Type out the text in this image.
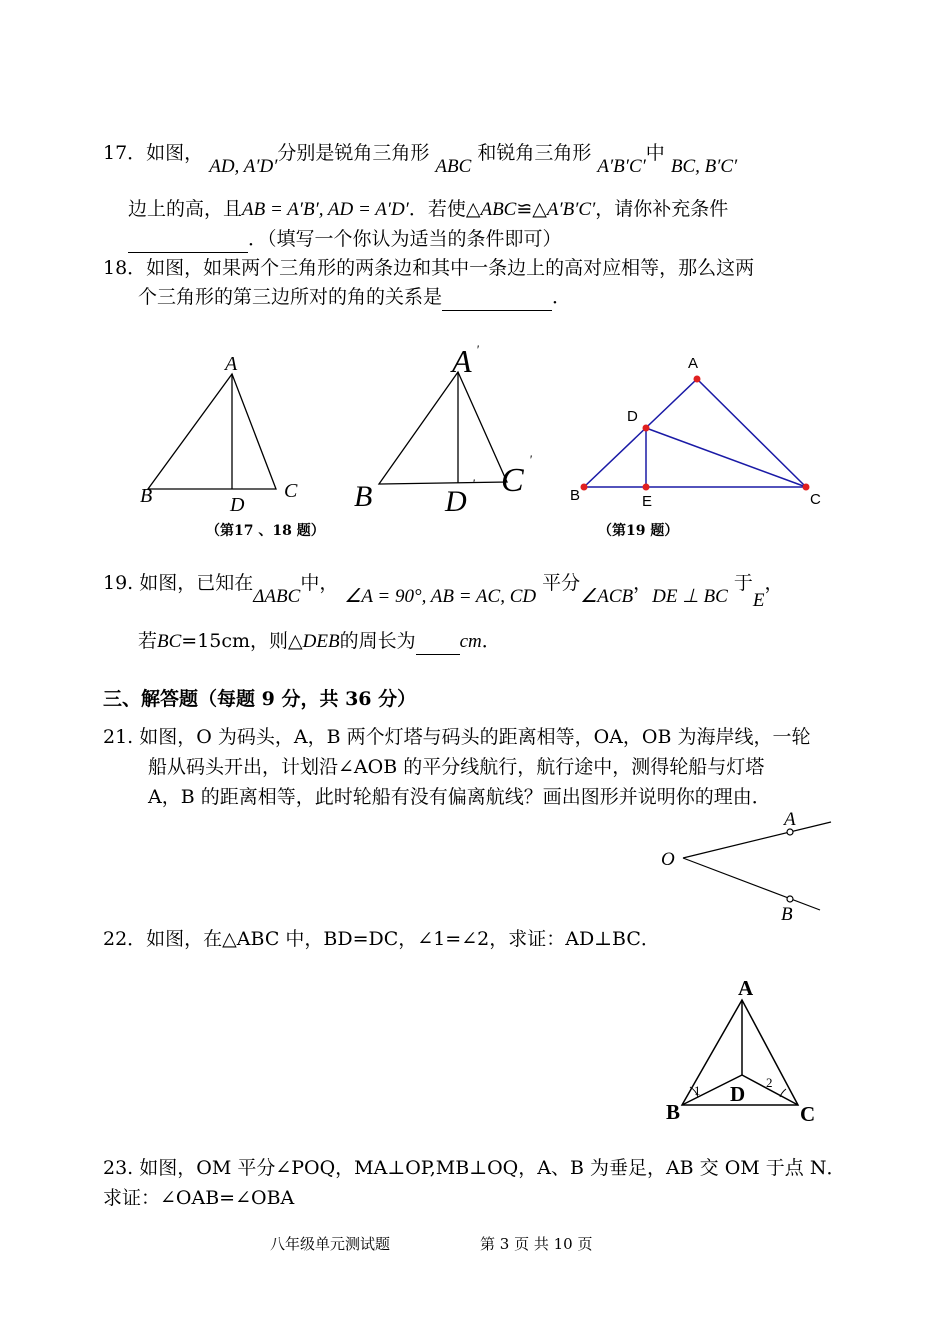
17．如图， AD, A′D′分别是锐角三角形 ABC 和锐角三角形 A′B′C′中 BC, B′C′
边上的高，且AB = A′B′, AD = A′D′．若使△ABC≌△A′B′C′，请你补充条件
．（填写一个你认为适当的条件即可）
18．如图，如果两个三角形的两条边和其中一条边上的高对应相等，那么这两
个三角形的第三边所对的角的关系是	．
A
B	C
D
A '
B D
' C
'
（第17 、18 题）
A
D
B	E	C
（第19 题）
19. 如图，已知在ΔABC中， ∠A = 90°, AB = AC, CD 平分∠ACB，DE ⊥ BC 于E，
若BC=15cm，则△DEB的周长为 cm．
三、解答题（每题 9 分，共 36 分）
21. 如图，O 为码头，A，B 两个灯塔与码头的距离相等，OA，OB 为海岸线，一轮
船从码头开出，计划沿∠AOB 的平分线航行，航行途中，测得轮船与灯塔
A，B 的距离相等，此时轮船有没有偏离航线？画出图形并说明你的理由．
O
A
B
22．如图，在△ABC 中，BD=DC，∠1=∠2，求证：AD⊥BC．
A
B	C
D
1
2
23. 如图，OM 平分∠POQ，MA⊥OP,MB⊥OQ，A、B 为垂足，AB 交 OM 于点 N．
求证：∠OAB=∠OBA
八年级单元测试题	第 3 页 共 10 页
